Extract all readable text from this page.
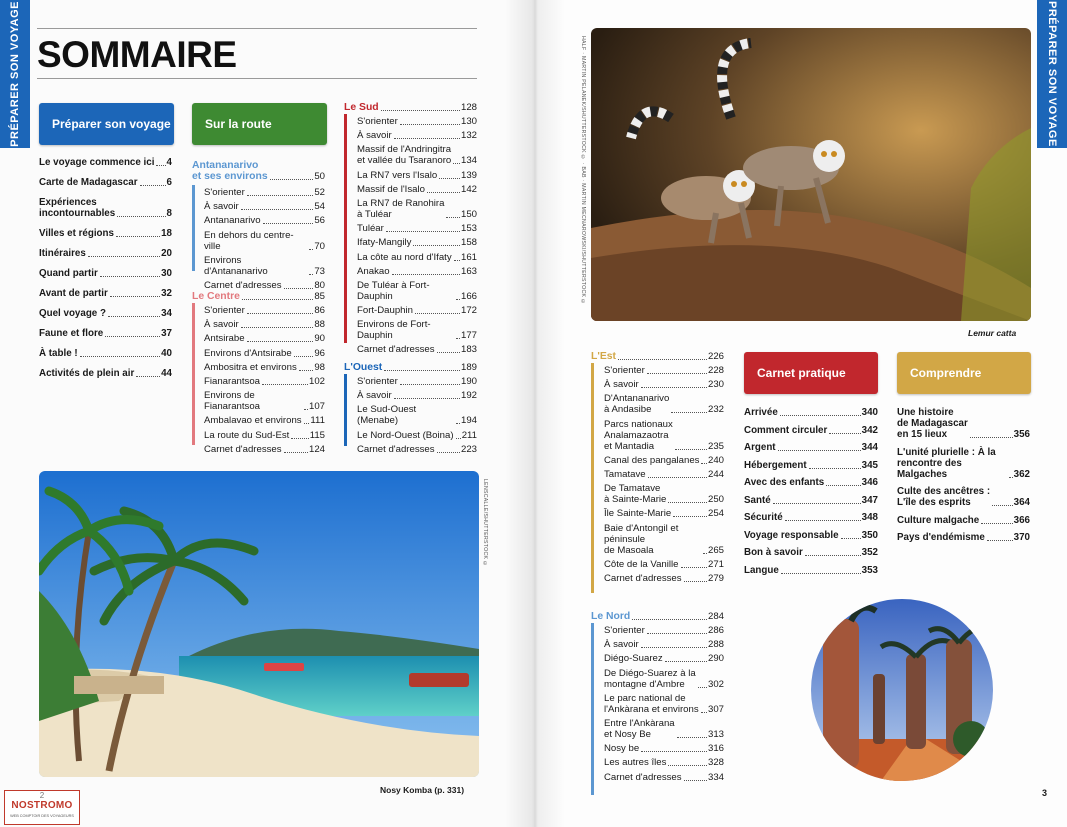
PRÉPARER SON VOYAGE	PRÉPARER SON VOYAGE
SOMMAIRE
Préparer son voyage	Sur la route
Carnet pratique	Comprendre
Le voyage commence ici 4
Carte de Madagascar	6
Expériences
incontournables	8
Villes et régions	18
Itinéraires	20
Quand partir	30
Avant de partir	32
Quel voyage ?	34
Faune et flore	37
À table !	40
Activités de plein air	44
Antananarivo
et ses environs	50
S'orienter	52
À savoir	54
Antananarivo	56
En dehors du centre-ville	70
Environs d'Antananarivo	73
Carnet d'adresses	80
Le Centre	85
S'orienter	86
À savoir	88
Antsirabe	90
Environs d'Antsirabe 96
Ambositra et environs 98
Fianarantsoa	102
Environs de Fianarantsoa	107
Ambalavao et environs 111
La route du Sud-Est 115
Carnet d'adresses	124
Le Sud	128
S'orienter	130
À savoir	132
Massif de l'Andringitra
et vallée du Tsaranoro 134
La RN7 vers l'Isalo 139
Massif de l'Isalo	142
La RN7 de Ranohira
à Tuléar	150
Tuléar	153
Ifaty-Mangily	158
La côte au nord d'Ifaty 161
Anakao	163
De Tuléar à Fort-Dauphin	166
Fort-Dauphin	172
Environs de Fort-Dauphin	177
Carnet d'adresses	183
L'Ouest	189
S'orienter	190
À savoir	192
Le Sud-Ouest (Menabe)	194
Le Nord-Ouest (Boina) 211
Carnet d'adresses	223
L'Est	226
S'orienter	228
À savoir	230
D'Antananarivo
à Andasibe	232
Parcs nationaux
Analamazaotra
et Mantadia	235
Canal des pangalanes 240
Tamatave	244
De Tamatave
à Sainte-Marie	250
Île Sainte-Marie	254
Baie d'Antongil et péninsule
de Masoala	265
Côte de la Vanille	271
Carnet d'adresses	279
Le Nord	284
S'orienter	286
À savoir	288
Diégo-Suarez	290
De Diégo-Suarez à la
montagne d'Ambre	302
Le parc national de
l'Ankàrana et environs 307
Entre l'Ankàrana
et Nosy Be	313
Nosy be	316
Les autres îles	328
Carnet d'adresses	334
Arrivée	340
Comment circuler	342
Argent	344
Hébergement	345
Avec des enfants	346
Santé	347
Sécurité	348
Voyage responsable 350
Bon à savoir	352
Langue	353
Une histoire
de Madagascar
en 15 lieux	356
L'unité plurielle : À la
rencontre des Malgaches	362
Culte des ancêtres :
L'île des esprits	364
Culture malgache	366
Pays d'endémisme	370
LENSCALLE/SHUTTERSTOCK ©
Nosy Komba (p. 331)
HALF · MARTIN PELANEK/SHUTTERSTOCK © · BAB · MARTIN MECNAROWSKI/SHUTTERSTOCK ©
Lemur catta
3
2
NOSTROMO
WEB COMPTOIR DES VOYAGEURS
